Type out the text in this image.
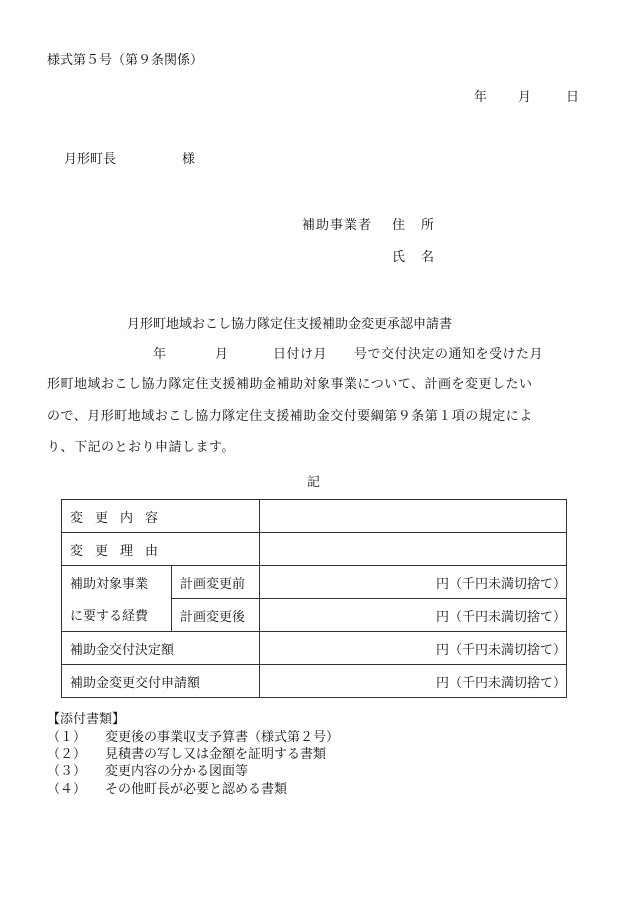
様式第５号（第９条関係）
年 月	日
月形町長	様
補助事業者 住所
氏名
月形町地域おこし協力隊定住支援補助金変更承認申請書
年	月	日付け月　　号で交付決定の通知を受けた月
形町地域おこし協力隊定住支援補助金補助対象事業について、計画を変更したい
ので、月形町地域おこし協力隊定住支援補助金交付要綱第９条第１項の規定によ
り、下記のとおり申請します。
記
変更内容		
変更理由		
補助対象事業	計画変更前	円（千円未満切捨て）
に要する経費	計画変更後	円（千円未満切捨て）
補助金交付決定額		円（千円未満切捨て）
補助金変更交付申請額		円（千円未満切捨て）
【添付書類】
（１） 変更後の事業収支予算書（様式第２号）
（２） 見積書の写し又は金額を証明する書類
（３） 変更内容の分かる図面等
（４） その他町長が必要と認める書類
